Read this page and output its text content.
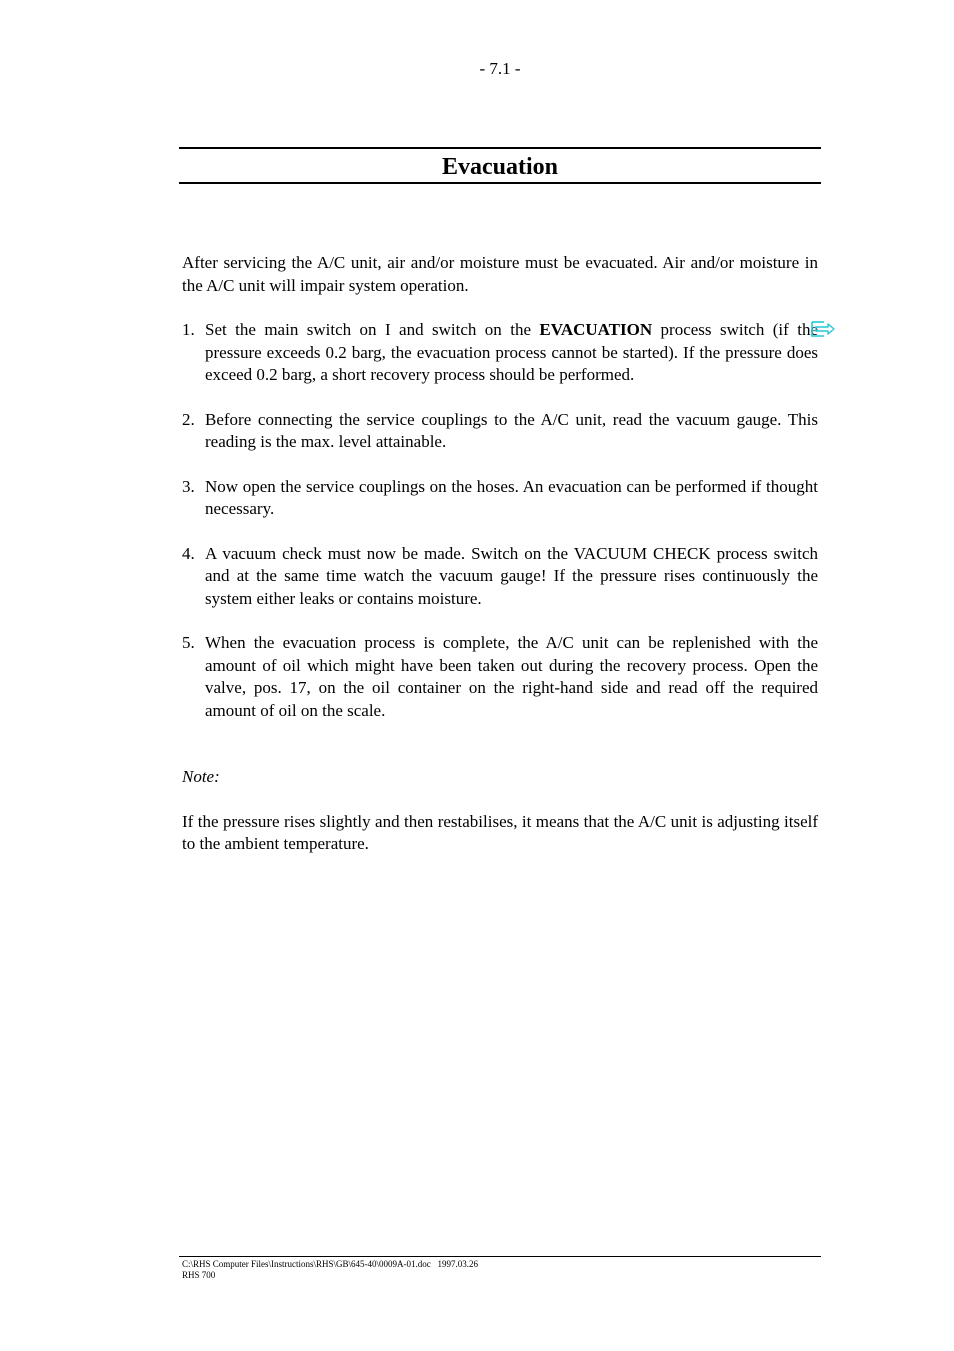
- 7.1 -
Evacuation

After servicing the A/C unit, air and/or moisture must be evacuated. Air and/or moisture in the A/C unit will impair system operation.

1. Set the main switch on I and switch on the EVACUATION process switch (if the pressure exceeds 0.2 barg, the evacuation process cannot be started). If the pressure does exceed 0.2 barg, a short recovery process should be performed.
2. Before connecting the service couplings to the A/C unit, read the vacuum gauge. This reading is the max. level attainable.
3. Now open the service couplings on the hoses. An evacuation can be performed if thought necessary.
4. A vacuum check must now be made. Switch on the VACUUM CHECK process switch and at the same time watch the vacuum gauge! If the pressure rises continuously the system either leaks or contains moisture.
5. When the evacuation process is complete, the A/C unit can be replenished with the amount of oil which might have been taken out during the recovery process. Open the valve, pos. 17, on the oil container on the right-hand side and read off the required amount of oil on the scale.

Note:

If the pressure rises slightly and then restabilises, it means that the A/C unit is adjusting itself to the ambient temperature.

C:\RHS Computer Files\Instructions\RHS\GB\645-40\0009A-01.doc   1997.03.26
RHS 700
